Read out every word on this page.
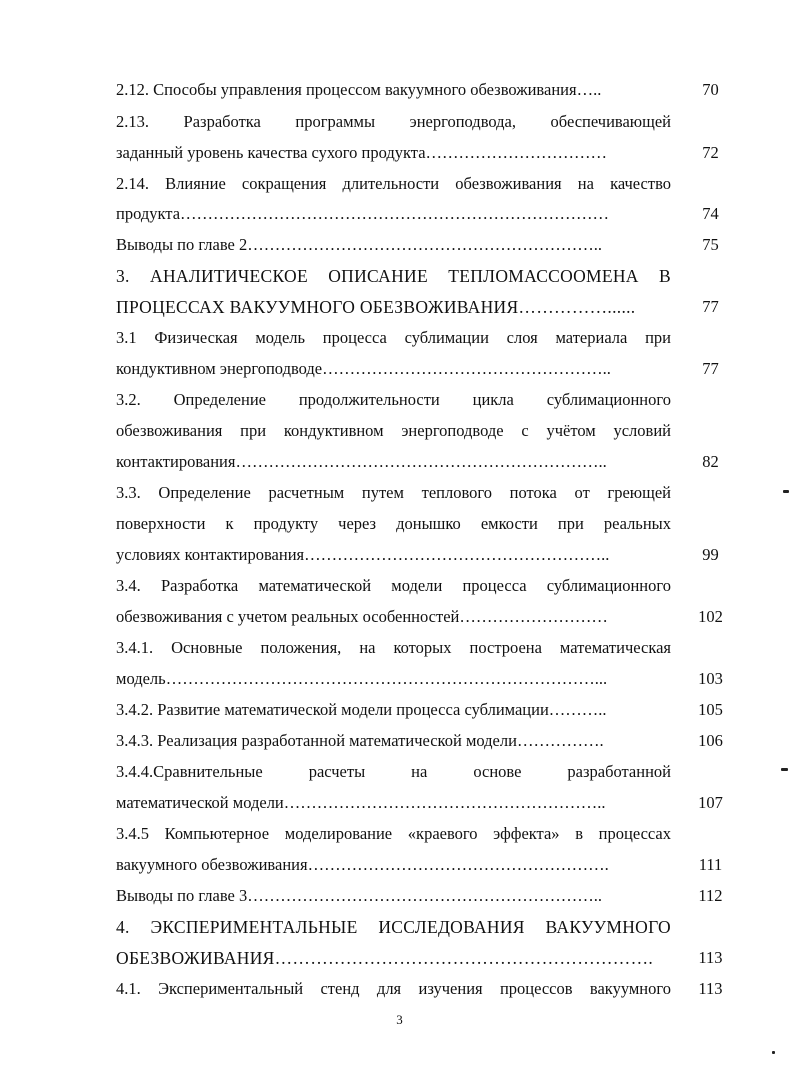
2.12. Способы управления процессом вакуумного обезвоживания…..	70
2.13. Разработка программы энергоподвода, обеспечивающей
заданный уровень качества сухого продукта……………………………	72
2.14. Влияние сокращения длительности обезвоживания на качество
продукта……………………………………………………………………	74
Выводы по главе 2………………………………………………………..	75
3. АНАЛИТИЧЕСКОЕ ОПИСАНИЕ ТЕПЛОМАССООМЕНА В
ПРОЦЕССАХ ВАКУУМНОГО ОБЕЗВОЖИВАНИЯ……………......	77
3.1 Физическая модель процесса сублимации слоя материала при
кондуктивном энергоподводе……………………………………………..	77
3.2. Определение продолжительности цикла сублимационного
обезвоживания при кондуктивном энергоподводе с учётом условий
контактирования…………………………………………………………..	82
3.3. Определение расчетным путем теплового потока от греющей
поверхности к продукту через донышко емкости при реальных
условиях контактирования………………………………………………..	99
3.4. Разработка математической модели процесса сублимационного
обезвоживания с учетом реальных особенностей………………………	102
3.4.1. Основные положения, на которых построена математическая
модель……………………………………………………………………...	103
3.4.2. Развитие математической модели процесса сублимации………..	105
3.4.3. Реализация разработанной математической модели…………….	106
3.4.4.Сравнительные расчеты на основе разработанной
математической модели…………………………………………………..	107
3.4.5 Компьютерное моделирование «краевого эффекта» в процессах
вакуумного обезвоживания……………………………………………….	111
Выводы по главе 3………………………………………………………..	112
4. ЭКСПЕРИМЕНТАЛЬНЫЕ ИССЛЕДОВАНИЯ ВАКУУМНОГО
ОБЕЗВОЖИВАНИЯ……………………………………………………….	113
4.1. Экспериментальный стенд для изучения процессов вакуумного	113
3
